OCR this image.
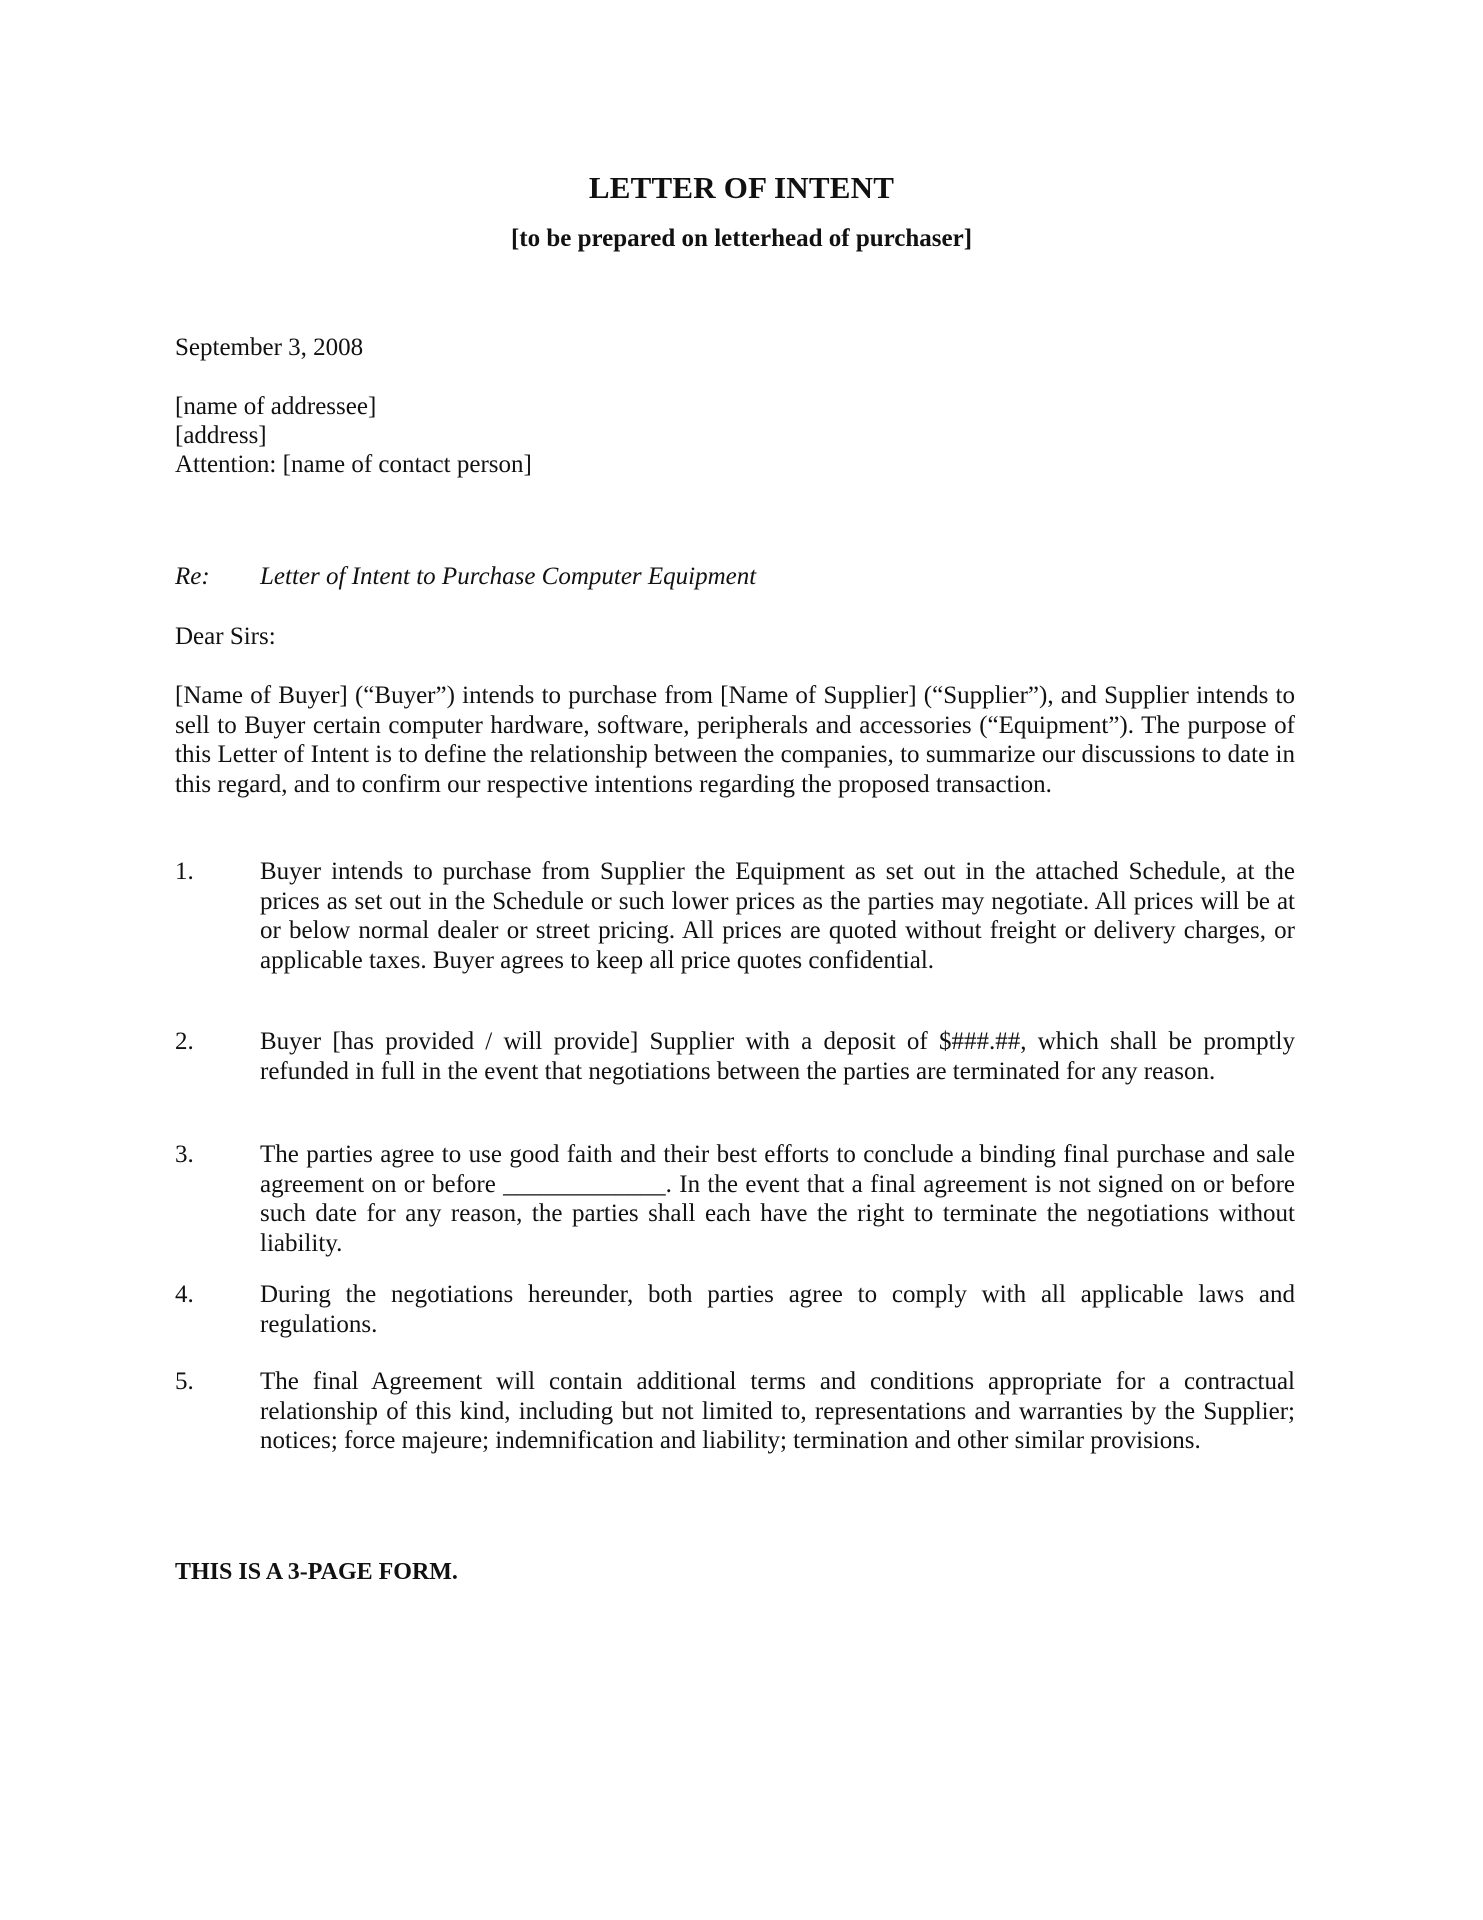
LETTER OF INTENT
[to be prepared on letterhead of purchaser]
September 3, 2008
[name of addressee]
[address]
Attention: [name of contact person]
Re:	Letter of Intent to Purchase Computer Equipment
Dear Sirs:
[Name of Buyer] (“Buyer”) intends to purchase from [Name of Supplier] (“Supplier”), and Supplier intends to sell to Buyer certain computer hardware, software, peripherals and accessories (“Equipment”). The purpose of this Letter of Intent is to define the relationship between the companies, to summarize our discussions to date in this regard, and to confirm our respective intentions regarding the proposed transaction.
1.	Buyer intends to purchase from Supplier the Equipment as set out in the attached Schedule, at the prices as set out in the Schedule or such lower prices as the parties may negotiate. All prices will be at or below normal dealer or street pricing. All prices are quoted without freight or delivery charges, or applicable taxes. Buyer agrees to keep all price quotes confidential.
2.	Buyer [has provided / will provide] Supplier with a deposit of $###.##, which shall be promptly refunded in full in the event that negotiations between the parties are terminated for any reason.
3.	The parties agree to use good faith and their best efforts to conclude a binding final purchase and sale agreement on or before _____________. In the event that a final agreement is not signed on or before such date for any reason, the parties shall each have the right to terminate the negotiations without liability.
4.	During the negotiations hereunder, both parties agree to comply with all applicable laws and regulations.
5.	The final Agreement will contain additional terms and conditions appropriate for a contractual relationship of this kind, including but not limited to, representations and warranties by the Supplier; notices; force majeure; indemnification and liability; termination and other similar provisions.
THIS IS A 3-PAGE FORM.
